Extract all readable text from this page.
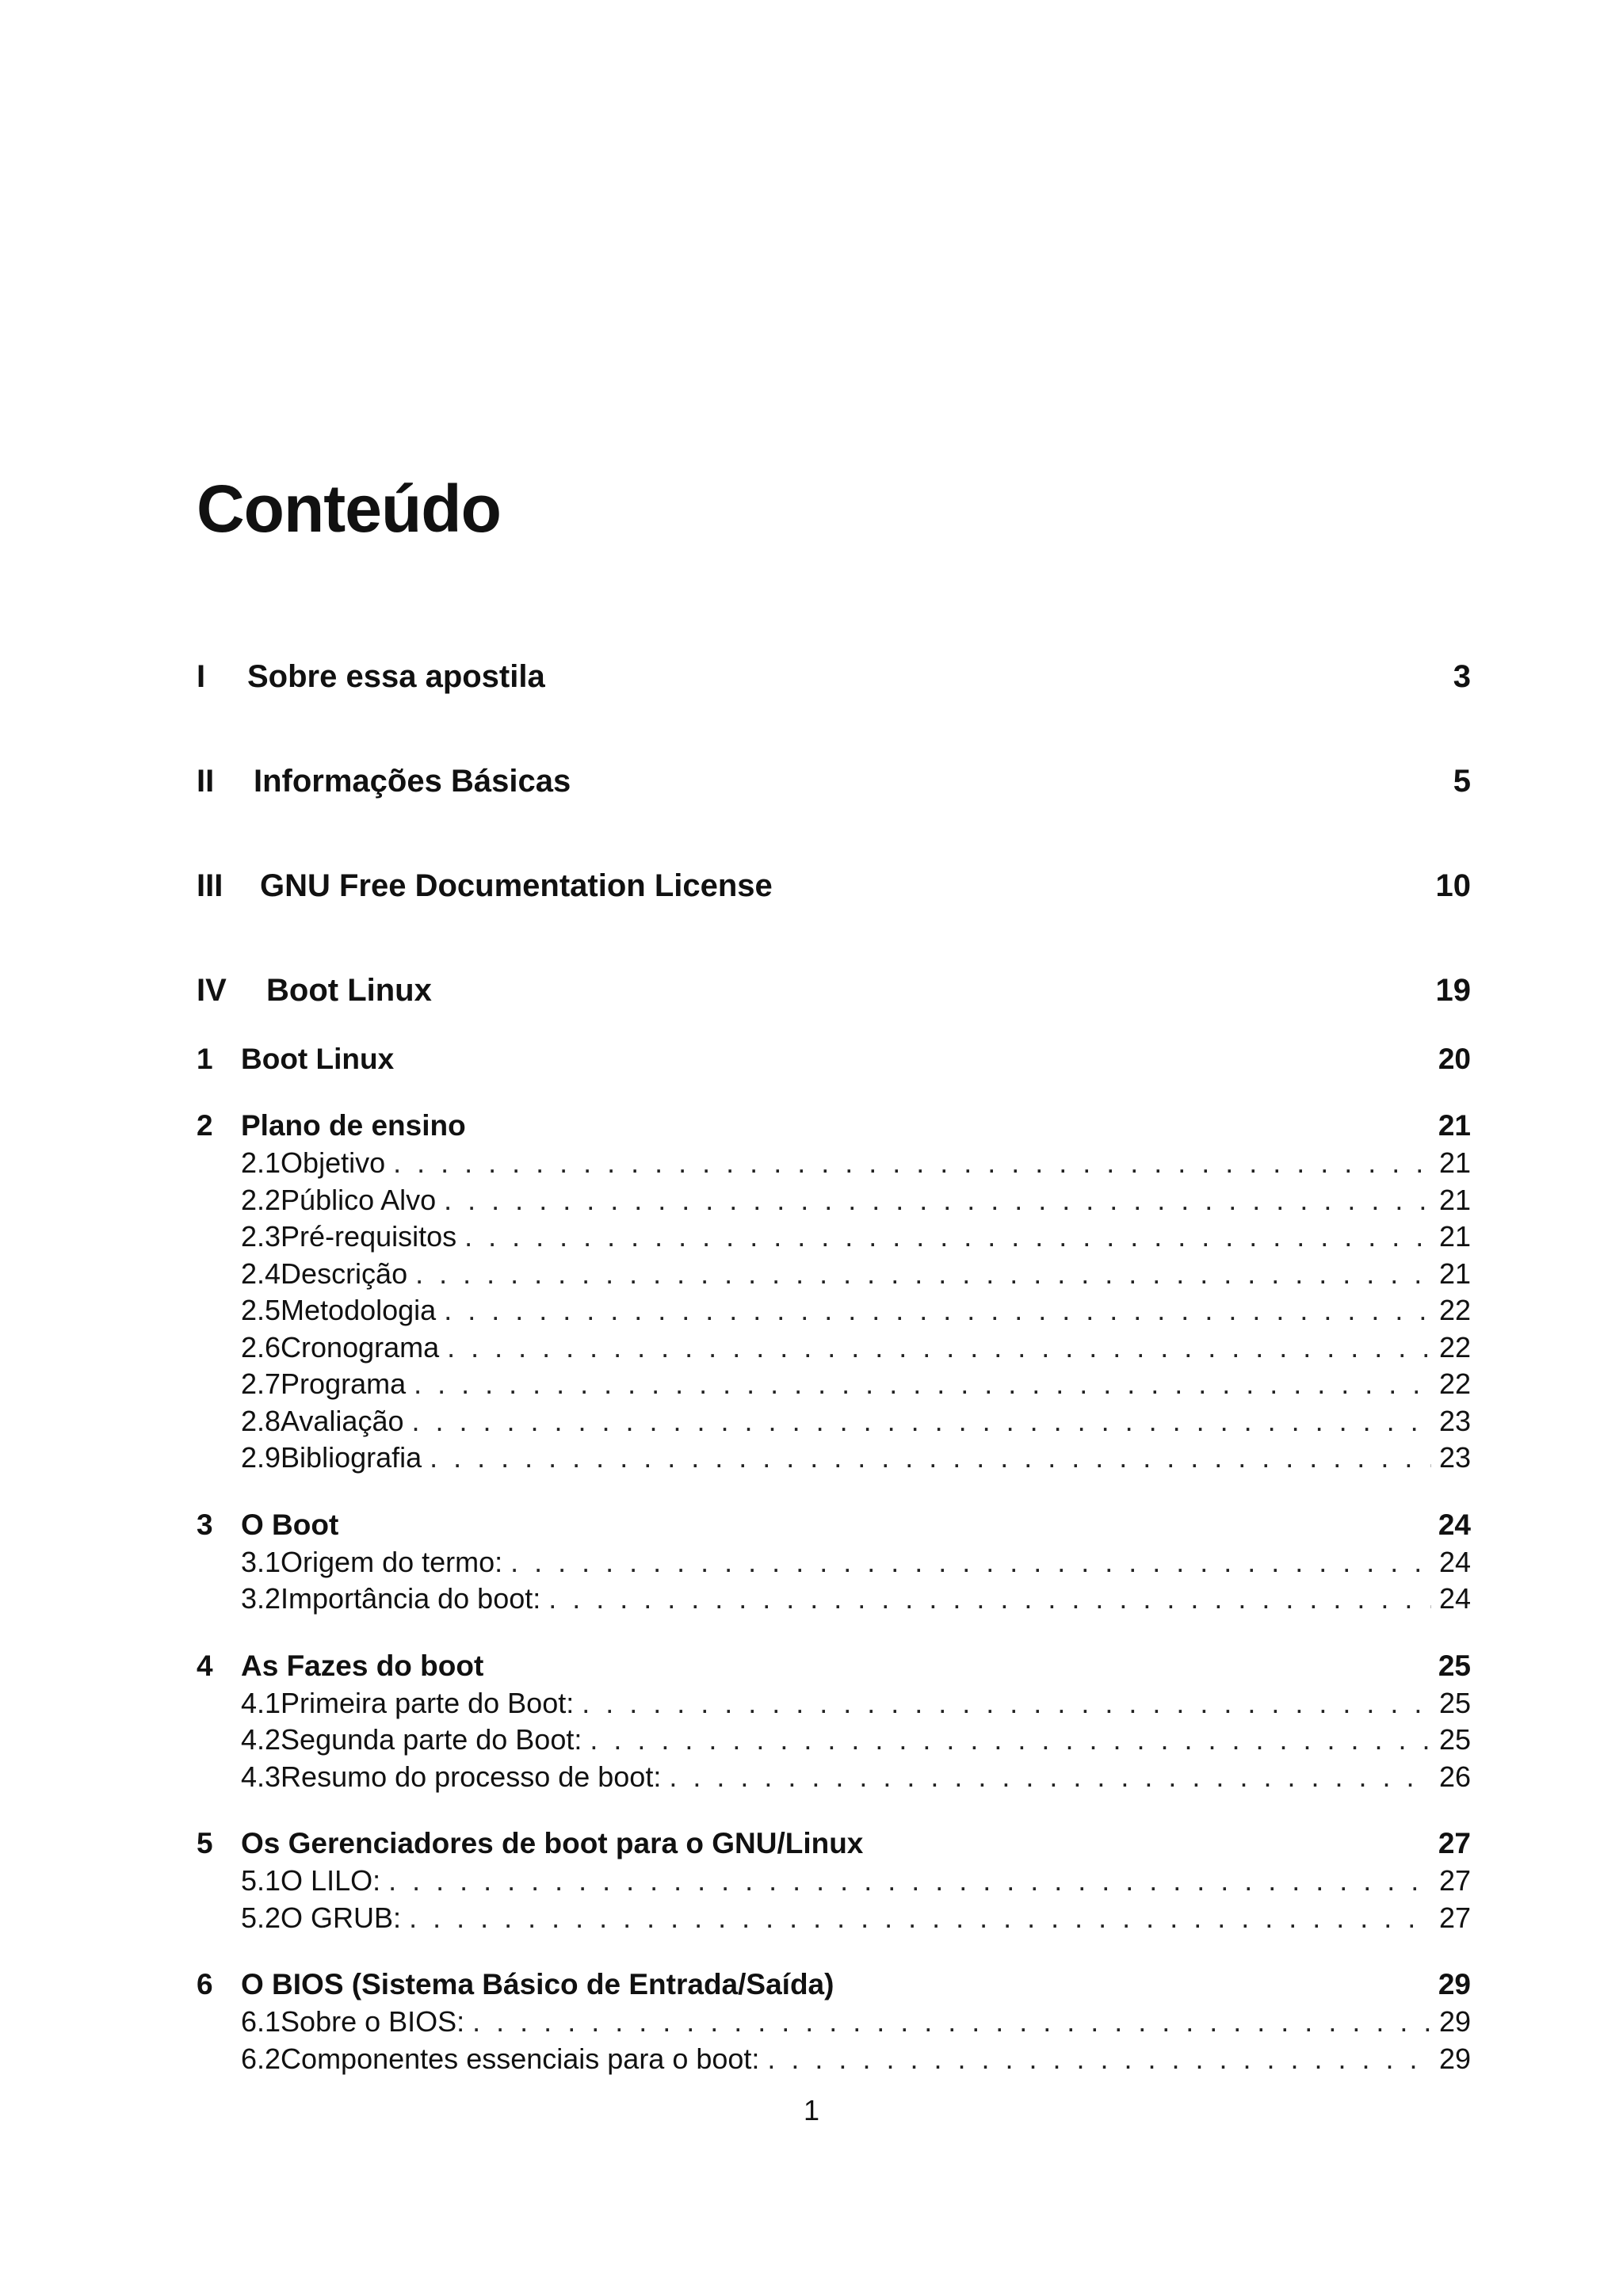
Conteúdo
I	Sobre essa apostila	3
II	Informações Básicas	5
III	GNU Free Documentation License	10
IV	Boot Linux	19
1 Boot Linux	20
2 Plano de ensino	21
2.1 Objetivo . . .	21
2.2 Público Alvo . . .	21
2.3 Pré-requisitos . . .	21
2.4 Descrição . . .	21
2.5 Metodologia . . .	22
2.6 Cronograma . . .	22
2.7 Programa . . .	22
2.8 Avaliação . . .	23
2.9 Bibliografia . . .	23
3 O Boot	24
3.1 Origem do termo: . . .	24
3.2 Importância do boot: . . .	24
4 As Fazes do boot	25
4.1 Primeira parte do Boot: . . .	25
4.2 Segunda parte do Boot: . . .	25
4.3 Resumo do processo de boot: . . .	26
5 Os Gerenciadores de boot para o GNU/Linux	27
5.1 O LILO: . . .	27
5.2 O GRUB: . . .	27
6 O BIOS (Sistema Básico de Entrada/Saída)	29
6.1 Sobre o BIOS: . . .	29
6.2 Componentes essenciais para o boot: . . .	29
1
